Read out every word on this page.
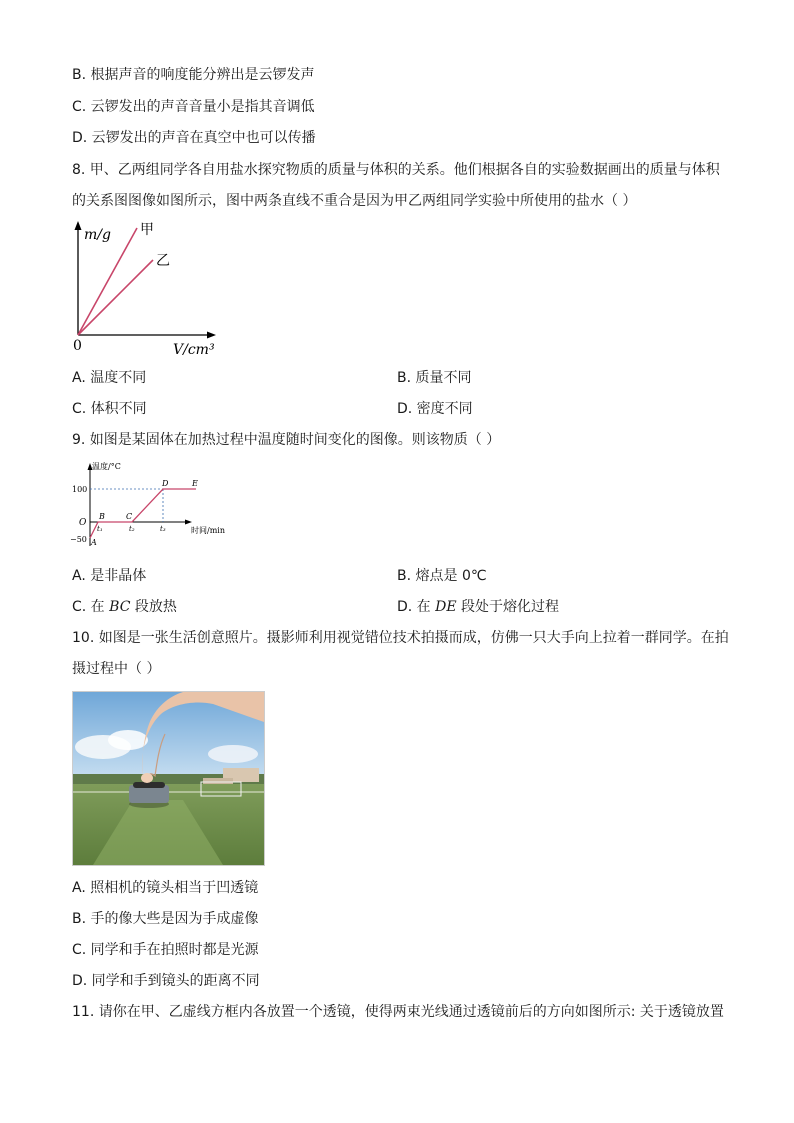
B. 根据声音的响度能分辨出是云锣发声
C. 云锣发出的声音音量小是指其音调低
D. 云锣发出的声音在真空中也可以传播
8. 甲、乙两组同学各自用盐水探究物质的质量与体积的关系。他们根据各自的实验数据画出的质量与体积
的关系图图像如图所示，图中两条直线不重合是因为甲乙两组同学实验中所使用的盐水（ ）
m/g 甲
乙
0	V/cm³
A. 温度不同	B. 质量不同
C. 体积不同	D. 密度不同
9. 如图是某固体在加热过程中温度随时间变化的图像。则该物质（ ）
温度/°C
100
O
−50 A
B	C
D	E
t₁	t₂	t₃	时间/min
A. 是非晶体	B. 熔点是 0℃
C. 在 BC 段放热	D. 在 DE 段处于熔化过程
10. 如图是一张生活创意照片。摄影师利用视觉错位技术拍摄而成，仿佛一只大手向上拉着一群同学。在拍
摄过程中（ ）
A. 照相机的镜头相当于凹透镜
B. 手的像大些是因为手成虚像
C. 同学和手在拍照时都是光源
D. 同学和手到镜头的距离不同
11. 请你在甲、乙虚线方框内各放置一个透镜，使得两束光线通过透镜前后的方向如图所示: 关于透镜放置
